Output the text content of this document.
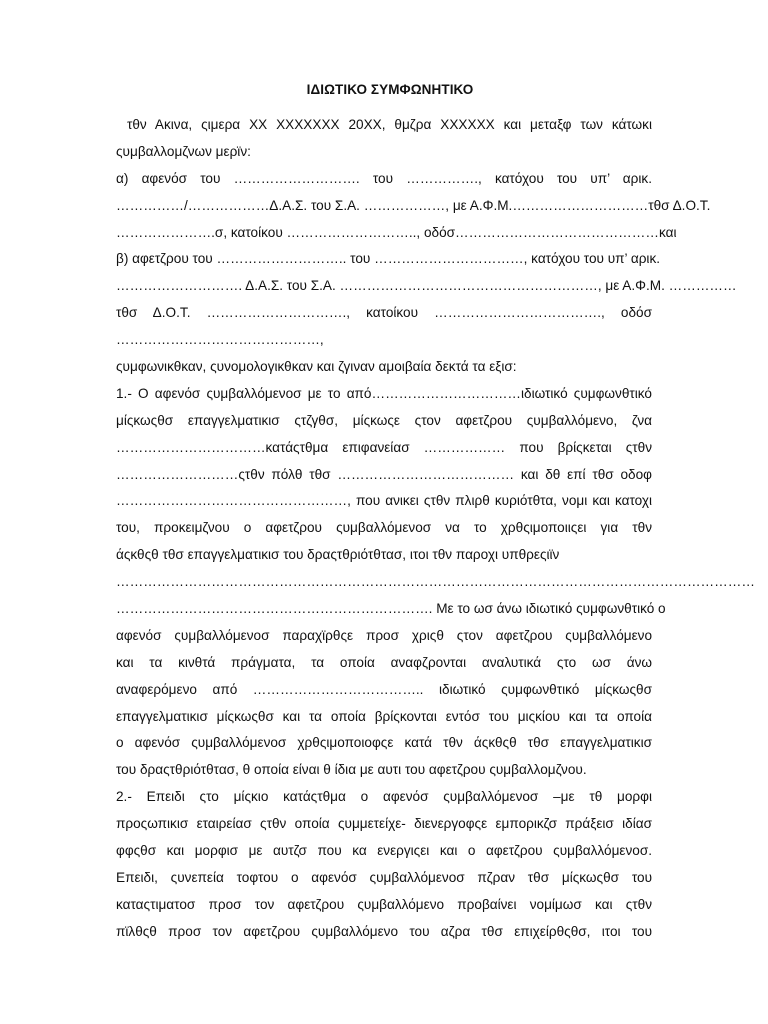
ΙΔΙΩΤΙΚΟ ΣΥΜΦΩΝΗΤΙΚΟ
τθν Ακινα, ςιμερα XX XXXXXXX 20XX, θμζρα XXXXXX και μεταξφ των κάτωκι
ςυμβαλλομζνων μερϊν:
α) αφενόσ του ………………………. του ……………., κατόχου του υπ’ αρικ.
……………/………………Δ.Α.Σ. του Σ.Α. ………………, με Α.Φ.Μ.…………………………τθσ Δ.Ο.Τ.
………………….σ, κατοίκου ……………………….., οδόσ………………………………………και
β) αφετζρου του ……………………….. του ……………………………, κατόχου του υπ’ αρικ.
………………………. Δ.Α.Σ. του Σ.Α. …………………………………………………, με Α.Φ.Μ. ……………
τθσ Δ.Ο.Τ. …………………………., κατοίκου ………………………………., οδόσ
………………………………………,
ςυμφωνικθκαν, ςυνομολογικθκαν και ζγιναν αμοιβαία δεκτά τα εξισ:
1.- Ο αφενόσ ςυμβαλλόμενοσ με το από……………………………ιδιωτικό ςυμφωνθτικό
μίςκωςθσ επαγγελματικισ ςτζγθσ, μίςκωςε ςτον αφετζρου ςυμβαλλόμενο, ζνα
……………………………κατάςτθμα επιφανείασ ……………… που βρίςκεται ςτθν
………………………ςτθν πόλθ τθσ ………………………………… και δθ επί τθσ οδοφ
……………………………………………, που ανικει ςτθν πλιρθ κυριότθτα, νομι και κατοχι
του, προκειμζνου ο αφετζρου ςυμβαλλόμενοσ να το χρθςιμοποιιςει για τθν
άςκθςθ τθσ επαγγελματικισ του δραςτθριότθτασ, ιτοι τθν παροχι υπθρεςιϊν
……………………………………………………………………………………………………………………………
……………………………………………………………. Με το ωσ άνω ιδιωτικό ςυμφωνθτικό ο
αφενόσ ςυμβαλλόμενοσ παραχϊρθςε προσ χριςθ ςτον αφετζρου ςυμβαλλόμενο
και τα κινθτά πράγματα, τα οποία αναφζρονται αναλυτικά ςτο ωσ άνω
αναφερόμενο από ……………………………….. ιδιωτικό ςυμφωνθτικό μίςκωςθσ
επαγγελματικισ μίςκωςθσ και τα οποία βρίςκονται εντόσ του μιςκίου και τα οποία
ο αφενόσ ςυμβαλλόμενοσ χρθςιμοποιοφςε κατά τθν άςκθςθ τθσ επαγγελματικισ
του δραςτθριότθτασ, θ οποία είναι θ ίδια με αυτι του αφετζρου ςυμβαλλομζνου.
2.- Επειδι ςτο μίςκιο κατάςτθμα ο αφενόσ ςυμβαλλόμενοσ –με τθ μορφι
προςωπικισ εταιρείασ ςτθν οποία ςυμμετείχε- διενεργοφςε εμπορικζσ πράξεισ ιδίασ
φφςθσ και μορφισ με αυτζσ που κα ενεργιςει και ο αφετζρου ςυμβαλλόμενοσ.
Επειδι, ςυνεπεία τοφτου ο αφενόσ ςυμβαλλόμενοσ πζραν τθσ μίςκωςθσ του
καταςτιματοσ προσ τον αφετζρου ςυμβαλλόμενο προβαίνει νομίμωσ και ςτθν
πϊλθςθ προσ τον αφετζρου ςυμβαλλόμενο του αζρα τθσ επιχείρθςθσ, ιτοι του
